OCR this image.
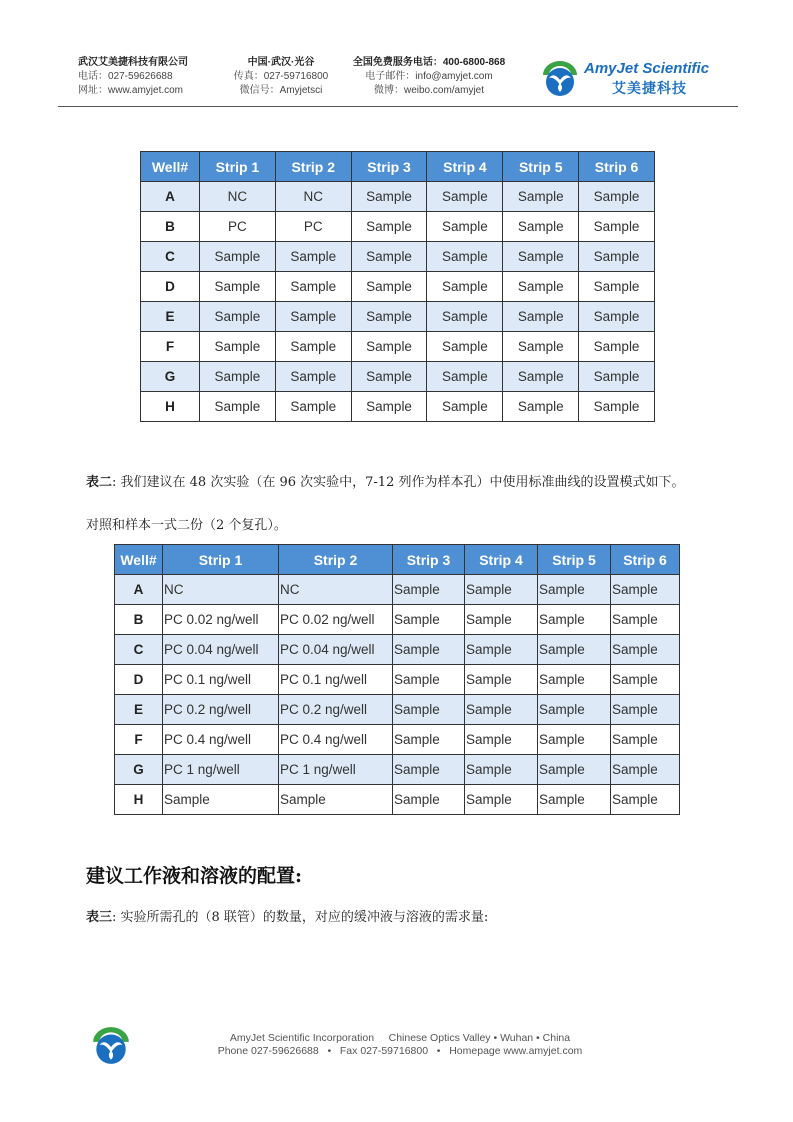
武汉艾美捷科技有限公司
电话：027-59626688
网址：www.amyjet.com
中国·武汉·光谷
传真：027-59716800
微信号：Amyjetsci
全国免费服务电话：400-6800-868
电子邮件：info@amyjet.com
微博：weibo.com/amyjet
AmyJet Scientific
艾美捷科技
Well#	Strip 1	Strip 2	Strip 3	Strip 4	Strip 5	Strip 6
A	NC	NC	Sample	Sample	Sample	Sample
B	PC	PC	Sample	Sample	Sample	Sample
C	Sample	Sample	Sample	Sample	Sample	Sample
D	Sample	Sample	Sample	Sample	Sample	Sample
E	Sample	Sample	Sample	Sample	Sample	Sample
F	Sample	Sample	Sample	Sample	Sample	Sample
G	Sample	Sample	Sample	Sample	Sample	Sample
H	Sample	Sample	Sample	Sample	Sample	Sample
表二: 我们建议在 48 次实验（在 96 次实验中，7-12 列作为样本孔）中使用标准曲线的设置模式如下。
对照和样本一式二份（2 个复孔）。
Well#	Strip 1	Strip 2	Strip 3	Strip 4	Strip 5	Strip 6
A	NC	NC	Sample	Sample	Sample	Sample
B	PC 0.02 ng/well	PC 0.02 ng/well	Sample	Sample	Sample	Sample
C	PC 0.04 ng/well	PC 0.04 ng/well	Sample	Sample	Sample	Sample
D	PC 0.1 ng/well	PC 0.1 ng/well	Sample	Sample	Sample	Sample
E	PC 0.2 ng/well	PC 0.2 ng/well	Sample	Sample	Sample	Sample
F	PC 0.4 ng/well	PC 0.4 ng/well	Sample	Sample	Sample	Sample
G	PC 1 ng/well	PC 1 ng/well	Sample	Sample	Sample	Sample
H	Sample	Sample	Sample	Sample	Sample	Sample
建议工作液和溶液的配置:
表三: 实验所需孔的（8 联管）的数量，对应的缓冲液与溶液的需求量:
AmyJet Scientific Incorporation     Chinese Optics Valley • Wuhan • China
Phone 027-59626688   •   Fax 027-59716800   •   Homepage www.amyjet.com
